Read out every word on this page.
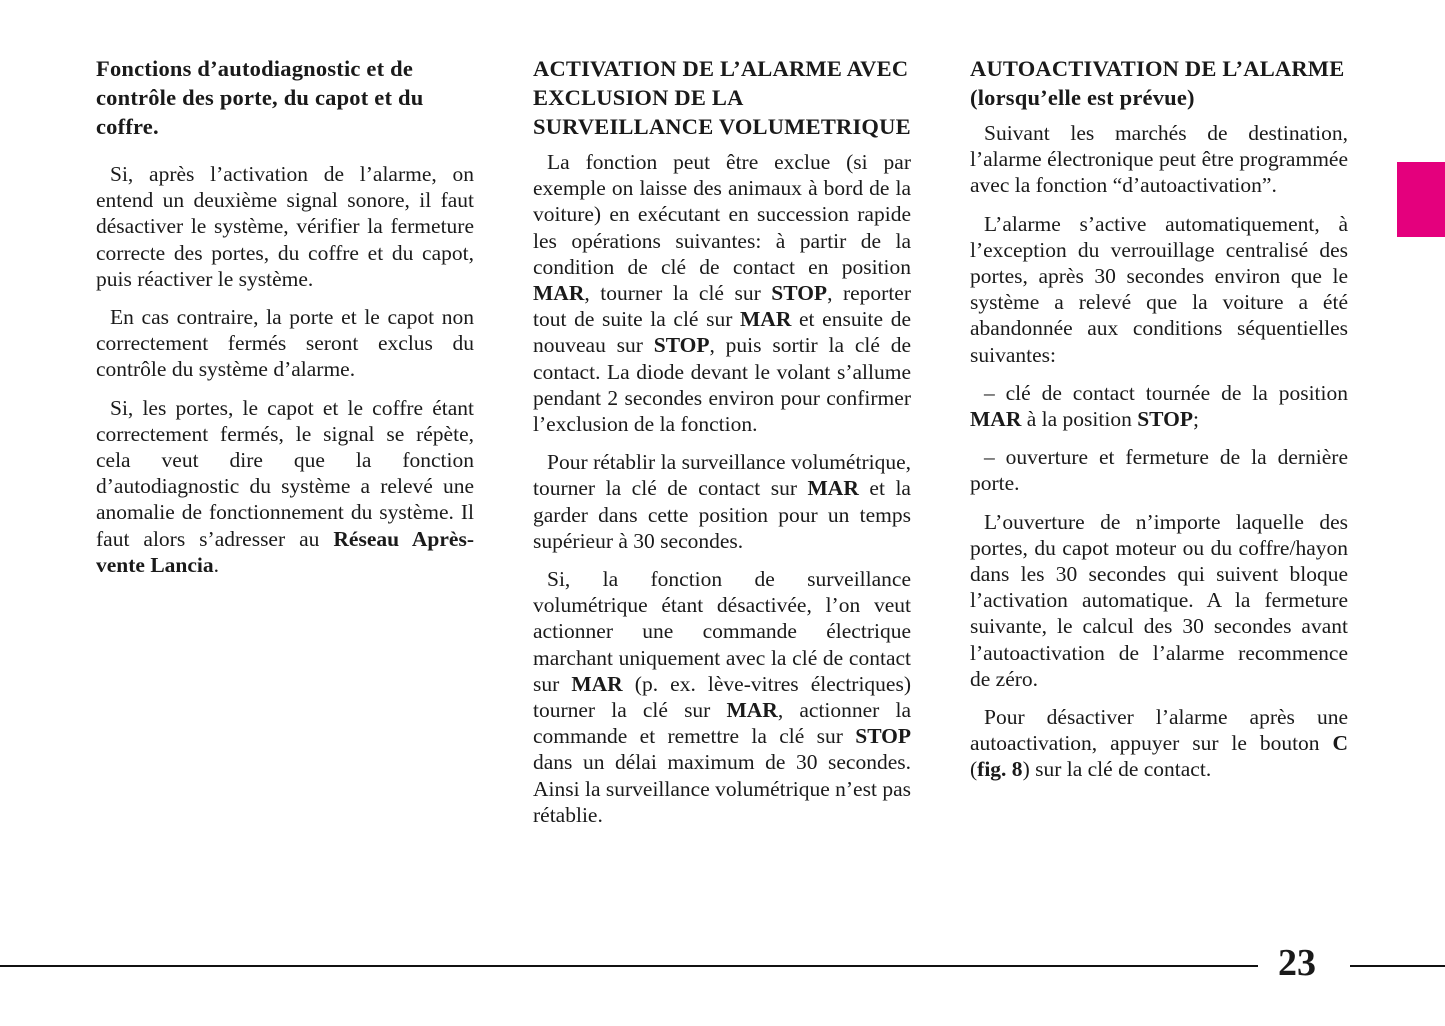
Fonctions d’autodiagnostic et de contrôle des porte, du capot et du coffre.

Si, après l’activation de l’alarme, on entend un deuxième signal sonore, il faut désactiver le système, vérifier la fermeture correcte des portes, du coffre et du capot, puis réactiver le système.

En cas contraire, la porte et le capot non correctement fermés seront exclus du contrôle du système d’alarme.

Si, les portes, le capot et le coffre étant correctement fermés, le signal se répète, cela veut dire que la fonction d’autodiagnostic du système a relevé une anomalie de fonctionnement du système. Il faut alors s’adresser au Réseau Après-vente Lancia.

ACTIVATION DE L’ALARME AVEC EXCLUSION DE LA SURVEILLANCE VOLUMETRIQUE

La fonction peut être exclue (si par exemple on laisse des animaux à bord de la voiture) en exécutant en succession rapide les opérations suivantes: à partir de la condition de clé de contact en position MAR, tourner la clé sur STOP, reporter tout de suite la clé sur MAR et ensuite de nouveau sur STOP, puis sortir la clé de contact. La diode devant le volant s’allume pendant 2 secondes environ pour confirmer l’exclusion de la fonction.

Pour rétablir la surveillance volumétrique, tourner la clé de contact sur MAR et la garder dans cette position pour un temps supérieur à 30 secondes.

Si, la fonction de surveillance volumétrique étant désactivée, l’on veut actionner une commande électrique marchant uniquement avec la clé de contact sur MAR (p. ex. lève-vitres électriques) tourner la clé sur MAR, actionner la commande et remettre la clé sur STOP dans un délai maximum de 30 secondes. Ainsi la surveillance volumétrique n’est pas rétablie.

AUTOACTIVATION DE L’ALARME (lorsqu’elle est prévue)

Suivant les marchés de destination, l’alarme électronique peut être programmée avec la fonction “d’autoactivation”.

L’alarme s’active automatiquement, à l’exception du verrouillage centralisé des portes, après 30 secondes environ que le système a relevé que la voiture a été abandonnée aux conditions séquentielles suivantes:

– clé de contact tournée de la position MAR à la position STOP;

– ouverture et fermeture de la dernière porte.

L’ouverture de n’importe laquelle des portes, du capot moteur ou du coffre/hayon dans les 30 secondes qui suivent bloque l’activation automatique. A la fermeture suivante, le calcul des 30 secondes avant l’autoactivation de l’alarme recommence de zéro.

Pour désactiver l’alarme après une autoactivation, appuyer sur le bouton C (fig. 8) sur la clé de contact.

23
